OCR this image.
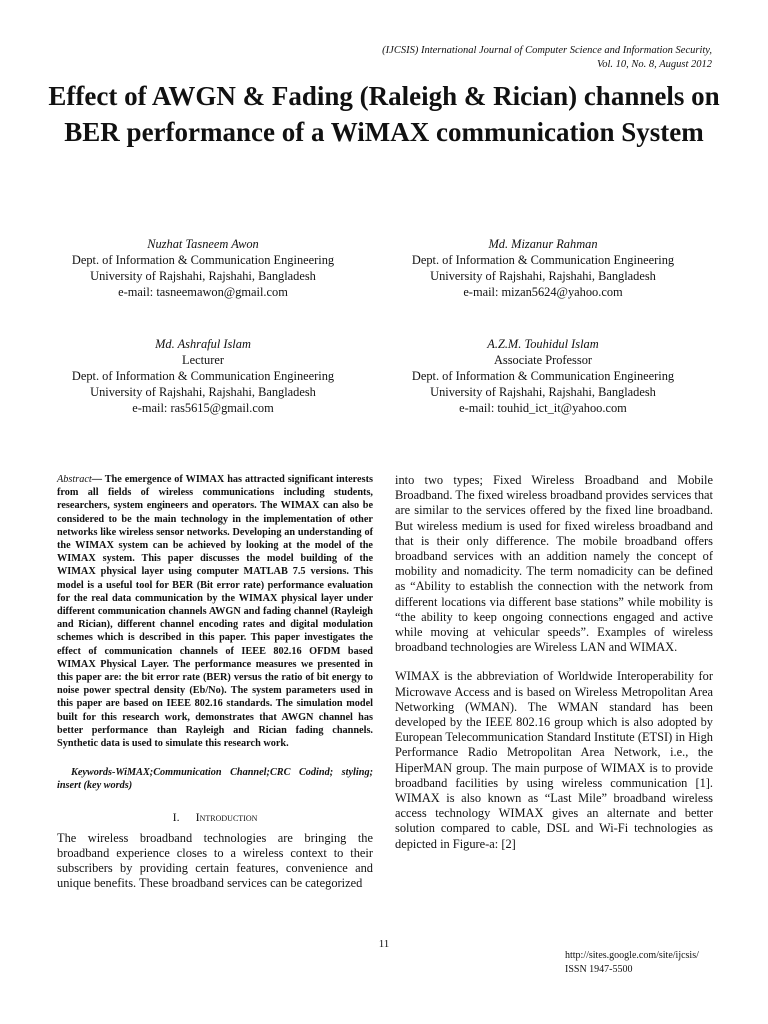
(IJCSIS) International Journal of Computer Science and Information Security,
Vol. 10, No. 8, August 2012
Effect of AWGN & Fading (Raleigh & Rician) channels on BER performance of a WiMAX communication System
Nuzhat Tasneem Awon
Dept. of Information & Communication Engineering
University of Rajshahi, Rajshahi, Bangladesh
e-mail: tasneemawon@gmail.com
Md. Mizanur Rahman
Dept. of Information & Communication Engineering
University of Rajshahi, Rajshahi, Bangladesh
e-mail: mizan5624@yahoo.com
Md. Ashraful Islam
Lecturer
Dept. of Information & Communication Engineering
University of Rajshahi, Rajshahi, Bangladesh
e-mail: ras5615@gmail.com
A.Z.M. Touhidul Islam
Associate Professor
Dept. of Information & Communication Engineering
University of Rajshahi, Rajshahi, Bangladesh
e-mail: touhid_ict_it@yahoo.com

Abstract— The emergence of WIMAX has attracted significant interests from all fields of wireless communications including students, researchers, system engineers and operators. The WIMAX can also be considered to be the main technology in the implementation of other networks like wireless sensor networks. Developing an understanding of the WIMAX system can be achieved by looking at the model of the WIMAX system. This paper discusses the model building of the WIMAX physical layer using computer MATLAB 7.5 versions. This model is a useful tool for BER (Bit error rate) performance evaluation for the real data communication by the WIMAX physical layer under different communication channels AWGN and fading channel (Rayleigh and Rician), different channel encoding rates and digital modulation schemes which is described in this paper. This paper investigates the effect of communication channels of IEEE 802.16 OFDM based WIMAX Physical Layer. The performance measures we presented in this paper are: the bit error rate (BER) versus the ratio of bit energy to noise power spectral density (Eb/No). The system parameters used in this paper are based on IEEE 802.16 standards. The simulation model built for this research work, demonstrates that AWGN channel has better performance than Rayleigh and Rician fading channels. Synthetic data is used to simulate this research work.

Keywords-WiMAX;Communication Channel;CRC Codind; styling; insert (key words)

I. Introduction

The wireless broadband technologies are bringing the broadband experience closes to a wireless context to their subscribers by providing certain features, convenience and unique benefits. These broadband services can be categorized

into two types; Fixed Wireless Broadband and Mobile Broadband. The fixed wireless broadband provides services that are similar to the services offered by the fixed line broadband. But wireless medium is used for fixed wireless broadband and that is their only difference. The mobile broadband offers broadband services with an addition namely the concept of mobility and nomadicity. The term nomadicity can be defined as “Ability to establish the connection with the network from different locations via different base stations” while mobility is “the ability to keep ongoing connections engaged and active while moving at vehicular speeds”. Examples of wireless broadband technologies are Wireless LAN and WIMAX.

WIMAX is the abbreviation of Worldwide Interoperability for Microwave Access and is based on Wireless Metropolitan Area Networking (WMAN). The WMAN standard has been developed by the IEEE 802.16 group which is also adopted by European Telecommunication Standard Institute (ETSI) in High Performance Radio Metropolitan Area Network, i.e., the HiperMAN group. The main purpose of WIMAX is to provide broadband facilities by using wireless communication [1]. WIMAX is also known as “Last Mile” broadband wireless access technology WIMAX gives an alternate and better solution compared to cable, DSL and Wi-Fi technologies as depicted in Figure-a: [2]

11
http://sites.google.com/site/ijcsis/
ISSN 1947-5500
